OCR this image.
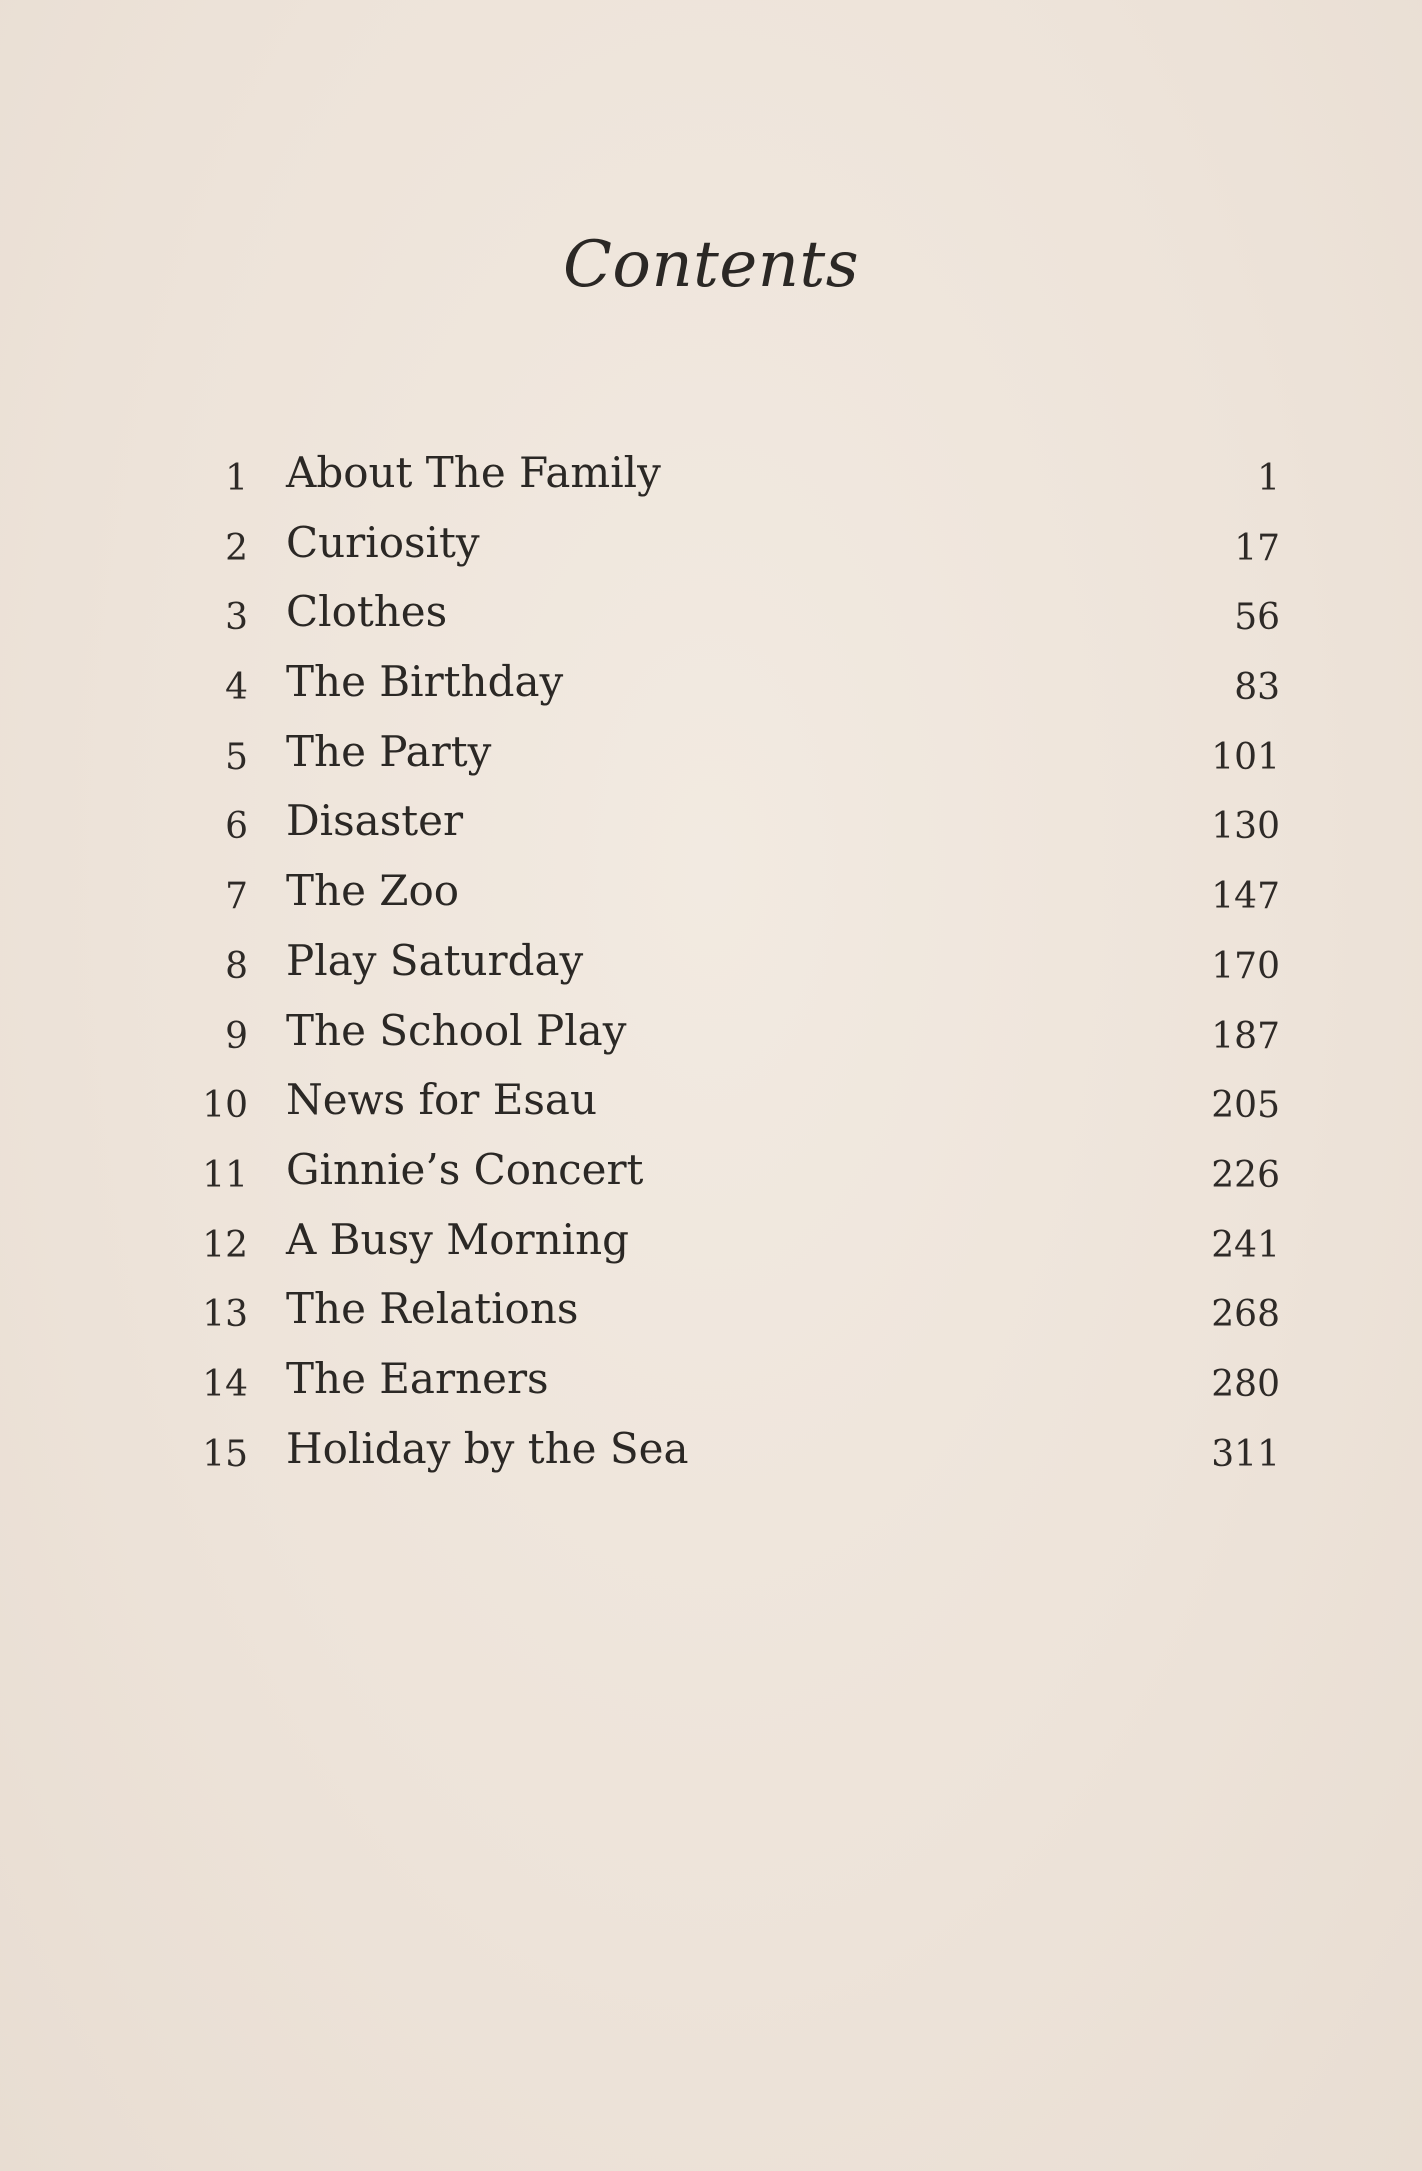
Contents
1 About The Family	1
2 Curiosity	17
3 Clothes	56
4 The Birthday	83
5 The Party	101
6 Disaster	130
7 The Zoo	147
8 Play Saturday	170
9 The School Play	187
10 News for Esau	205
11 Ginnie’s Concert	226
12 A Busy Morning	241
13 The Relations	268
14 The Earners	280
15 Holiday by the Sea	311
